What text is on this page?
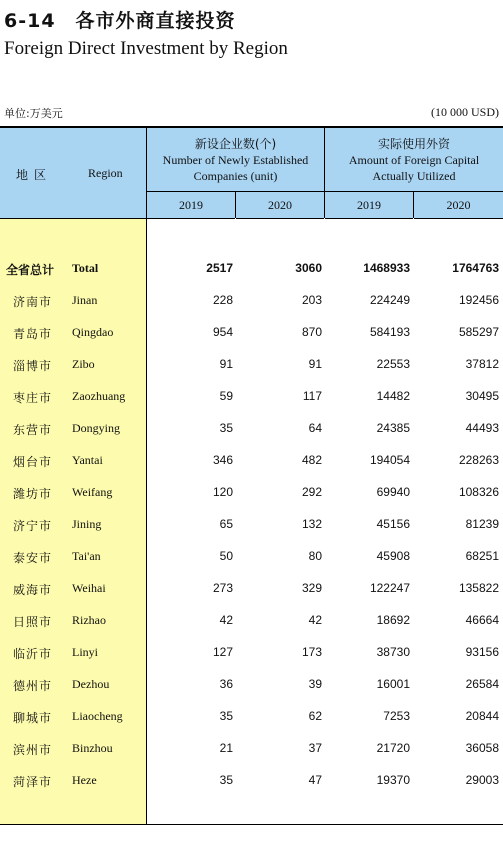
6-14　各市外商直接投资
Foreign Direct Investment by Region
单位:万美元	(10 000 USD)
地区	Region
新设企业数(个)
Number of Newly Established
Companies (unit)
实际使用外资
Amount of Foreign Capital
Actually Utilized
2019	2020	2019	2020
全省总计 Total	2517	3060	1468933	1764763
济南市 Jinan	228	203	224249	192456
青岛市 Qingdao	954	870	584193	585297
淄博市 Zibo	91	91	22553	37812
枣庄市 Zaozhuang	59	117	14482	30495
东营市 Dongying	35	64	24385	44493
烟台市 Yantai	346	482	194054	228263
潍坊市 Weifang	120	292	69940	108326
济宁市 Jining	65	132	45156	81239
泰安市 Tai'an	50	80	45908	68251
威海市 Weihai	273	329	122247	135822
日照市 Rizhao	42	42	18692	46664
临沂市 Linyi	127	173	38730	93156
德州市 Dezhou	36	39	16001	26584
聊城市 Liaocheng	35	62	7253	20844
滨州市 Binzhou	21	37	21720	36058
菏泽市 Heze	35	47	19370	29003
